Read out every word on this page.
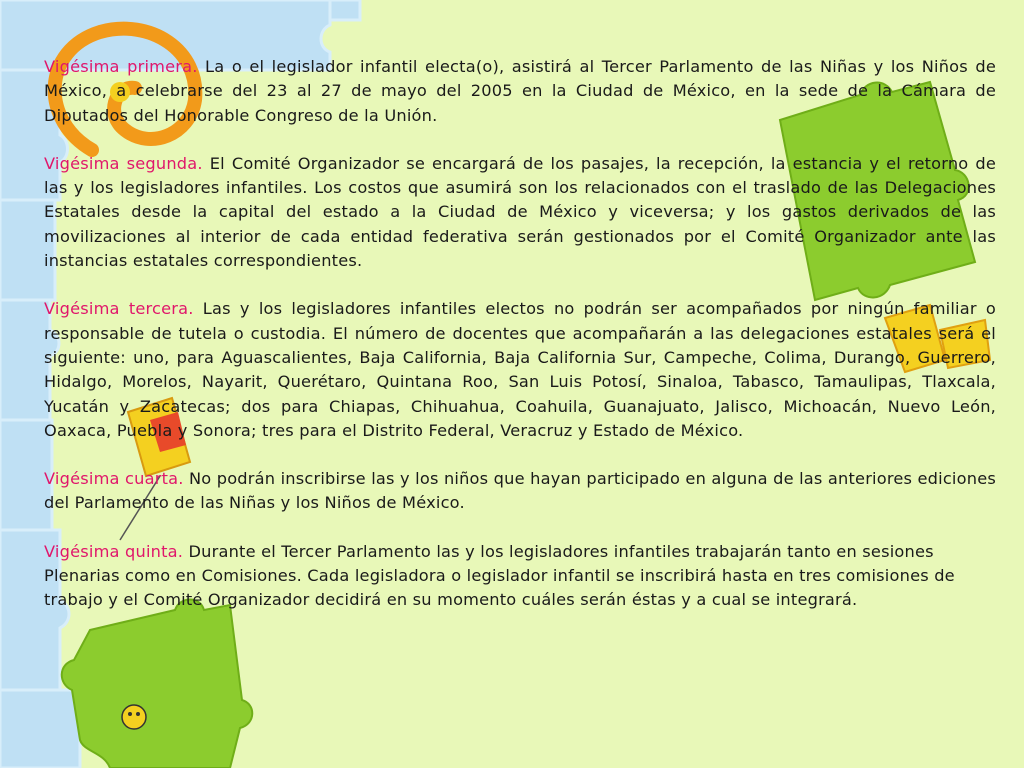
Vigésima primera. La o el legislador infantil electa(o), asistirá al Tercer Parlamento de las Niñas y los Niños de México, a celebrarse del 23 al 27 de mayo del 2005 en la Ciudad de México, en la sede de la Cámara de Diputados del Honorable Congreso de la Unión.

Vigésima segunda. El Comité Organizador se encargará de los pasajes, la recepción, la estancia y el retorno de las y los legisladores infantiles. Los costos que asumirá son los relacionados con el traslado de las Delegaciones Estatales desde la capital del estado a la Ciudad de México y viceversa; y los gastos derivados de las movilizaciones al interior de cada entidad federativa serán gestionados por el Comité Organizador ante las instancias estatales correspondientes.

Vigésima tercera. Las y los legisladores infantiles electos no podrán ser acompañados por ningún familiar o responsable de tutela o custodia. El número de docentes que acompañarán a las delegaciones estatales será el siguiente: uno, para Aguascalientes, Baja California, Baja California Sur, Campeche, Colima, Durango, Guerrero, Hidalgo, Morelos, Nayarit, Querétaro, Quintana Roo, San Luis Potosí, Sinaloa, Tabasco, Tamaulipas, Tlaxcala, Yucatán y Zacatecas; dos para Chiapas, Chihuahua, Coahuila, Guanajuato, Jalisco, Michoacán, Nuevo León, Oaxaca, Puebla y Sonora; tres para el Distrito Federal, Veracruz y Estado de México.

Vigésima cuarta. No podrán inscribirse las y los niños que hayan participado en alguna de las anteriores ediciones del Parlamento de las Niñas y los Niños de México.

Vigésima quinta. Durante el Tercer Parlamento las y los legisladores infantiles trabajarán tanto en sesiones Plenarias como en Comisiones. Cada legisladora o legislador infantil se inscribirá hasta en tres comisiones de trabajo y el Comité Organizador decidirá en su momento cuáles serán éstas y a cual se integrará.
